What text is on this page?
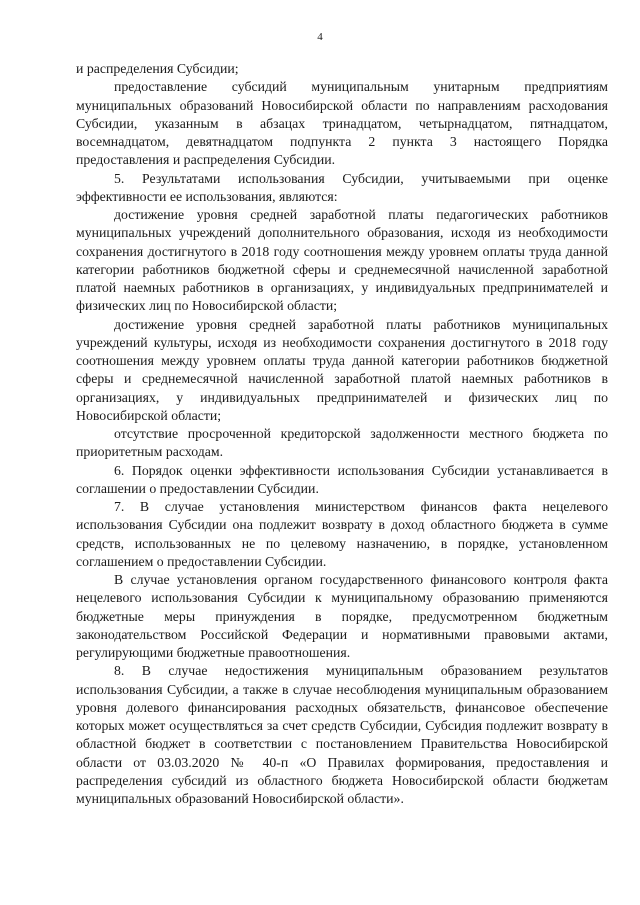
4

и распределения Субсидии;

предоставление субсидий муниципальным унитарным предприятиям муниципальных образований Новосибирской области по направлениям расходования Субсидии, указанным в абзацах тринадцатом, четырнадцатом, пятнадцатом, восемнадцатом, девятнадцатом подпункта 2 пункта 3 настоящего Порядка предоставления и распределения Субсидии.

5. Результатами использования Субсидии, учитываемыми при оценке эффективности ее использования, являются:

достижение уровня средней заработной платы педагогических работников муниципальных учреждений дополнительного образования, исходя из необходимости сохранения достигнутого в 2018 году соотношения между уровнем оплаты труда данной категории работников бюджетной сферы и среднемесячной начисленной заработной платой наемных работников в организациях, у индивидуальных предпринимателей и физических лиц по Новосибирской области;

достижение уровня средней заработной платы работников муниципальных учреждений культуры, исходя из необходимости сохранения достигнутого в 2018 году соотношения между уровнем оплаты труда данной категории работников бюджетной сферы и среднемесячной начисленной заработной платой наемных работников в организациях, у индивидуальных предпринимателей и физических лиц по Новосибирской области;

отсутствие просроченной кредиторской задолженности местного бюджета по приоритетным расходам.

6. Порядок оценки эффективности использования Субсидии устанавливается в соглашении о предоставлении Субсидии.

7. В случае установления министерством финансов факта нецелевого использования Субсидии она подлежит возврату в доход областного бюджета в сумме средств, использованных не по целевому назначению, в порядке, установленном соглашением о предоставлении Субсидии.

В случае установления органом государственного финансового контроля факта нецелевого использования Субсидии к муниципальному образованию применяются бюджетные меры принуждения в порядке, предусмотренном бюджетным законодательством Российской Федерации и нормативными правовыми актами, регулирующими бюджетные правоотношения.

8. В случае недостижения муниципальным образованием результатов использования Субсидии, а также в случае несоблюдения муниципальным образованием уровня долевого финансирования расходных обязательств, финансовое обеспечение которых может осуществляться за счет средств Субсидии, Субсидия подлежит возврату в областной бюджет в соответствии с постановлением Правительства Новосибирской области от 03.03.2020 № 40-п «О Правилах формирования, предоставления и распределения субсидий из областного бюджета Новосибирской области бюджетам муниципальных образований Новосибирской области».
